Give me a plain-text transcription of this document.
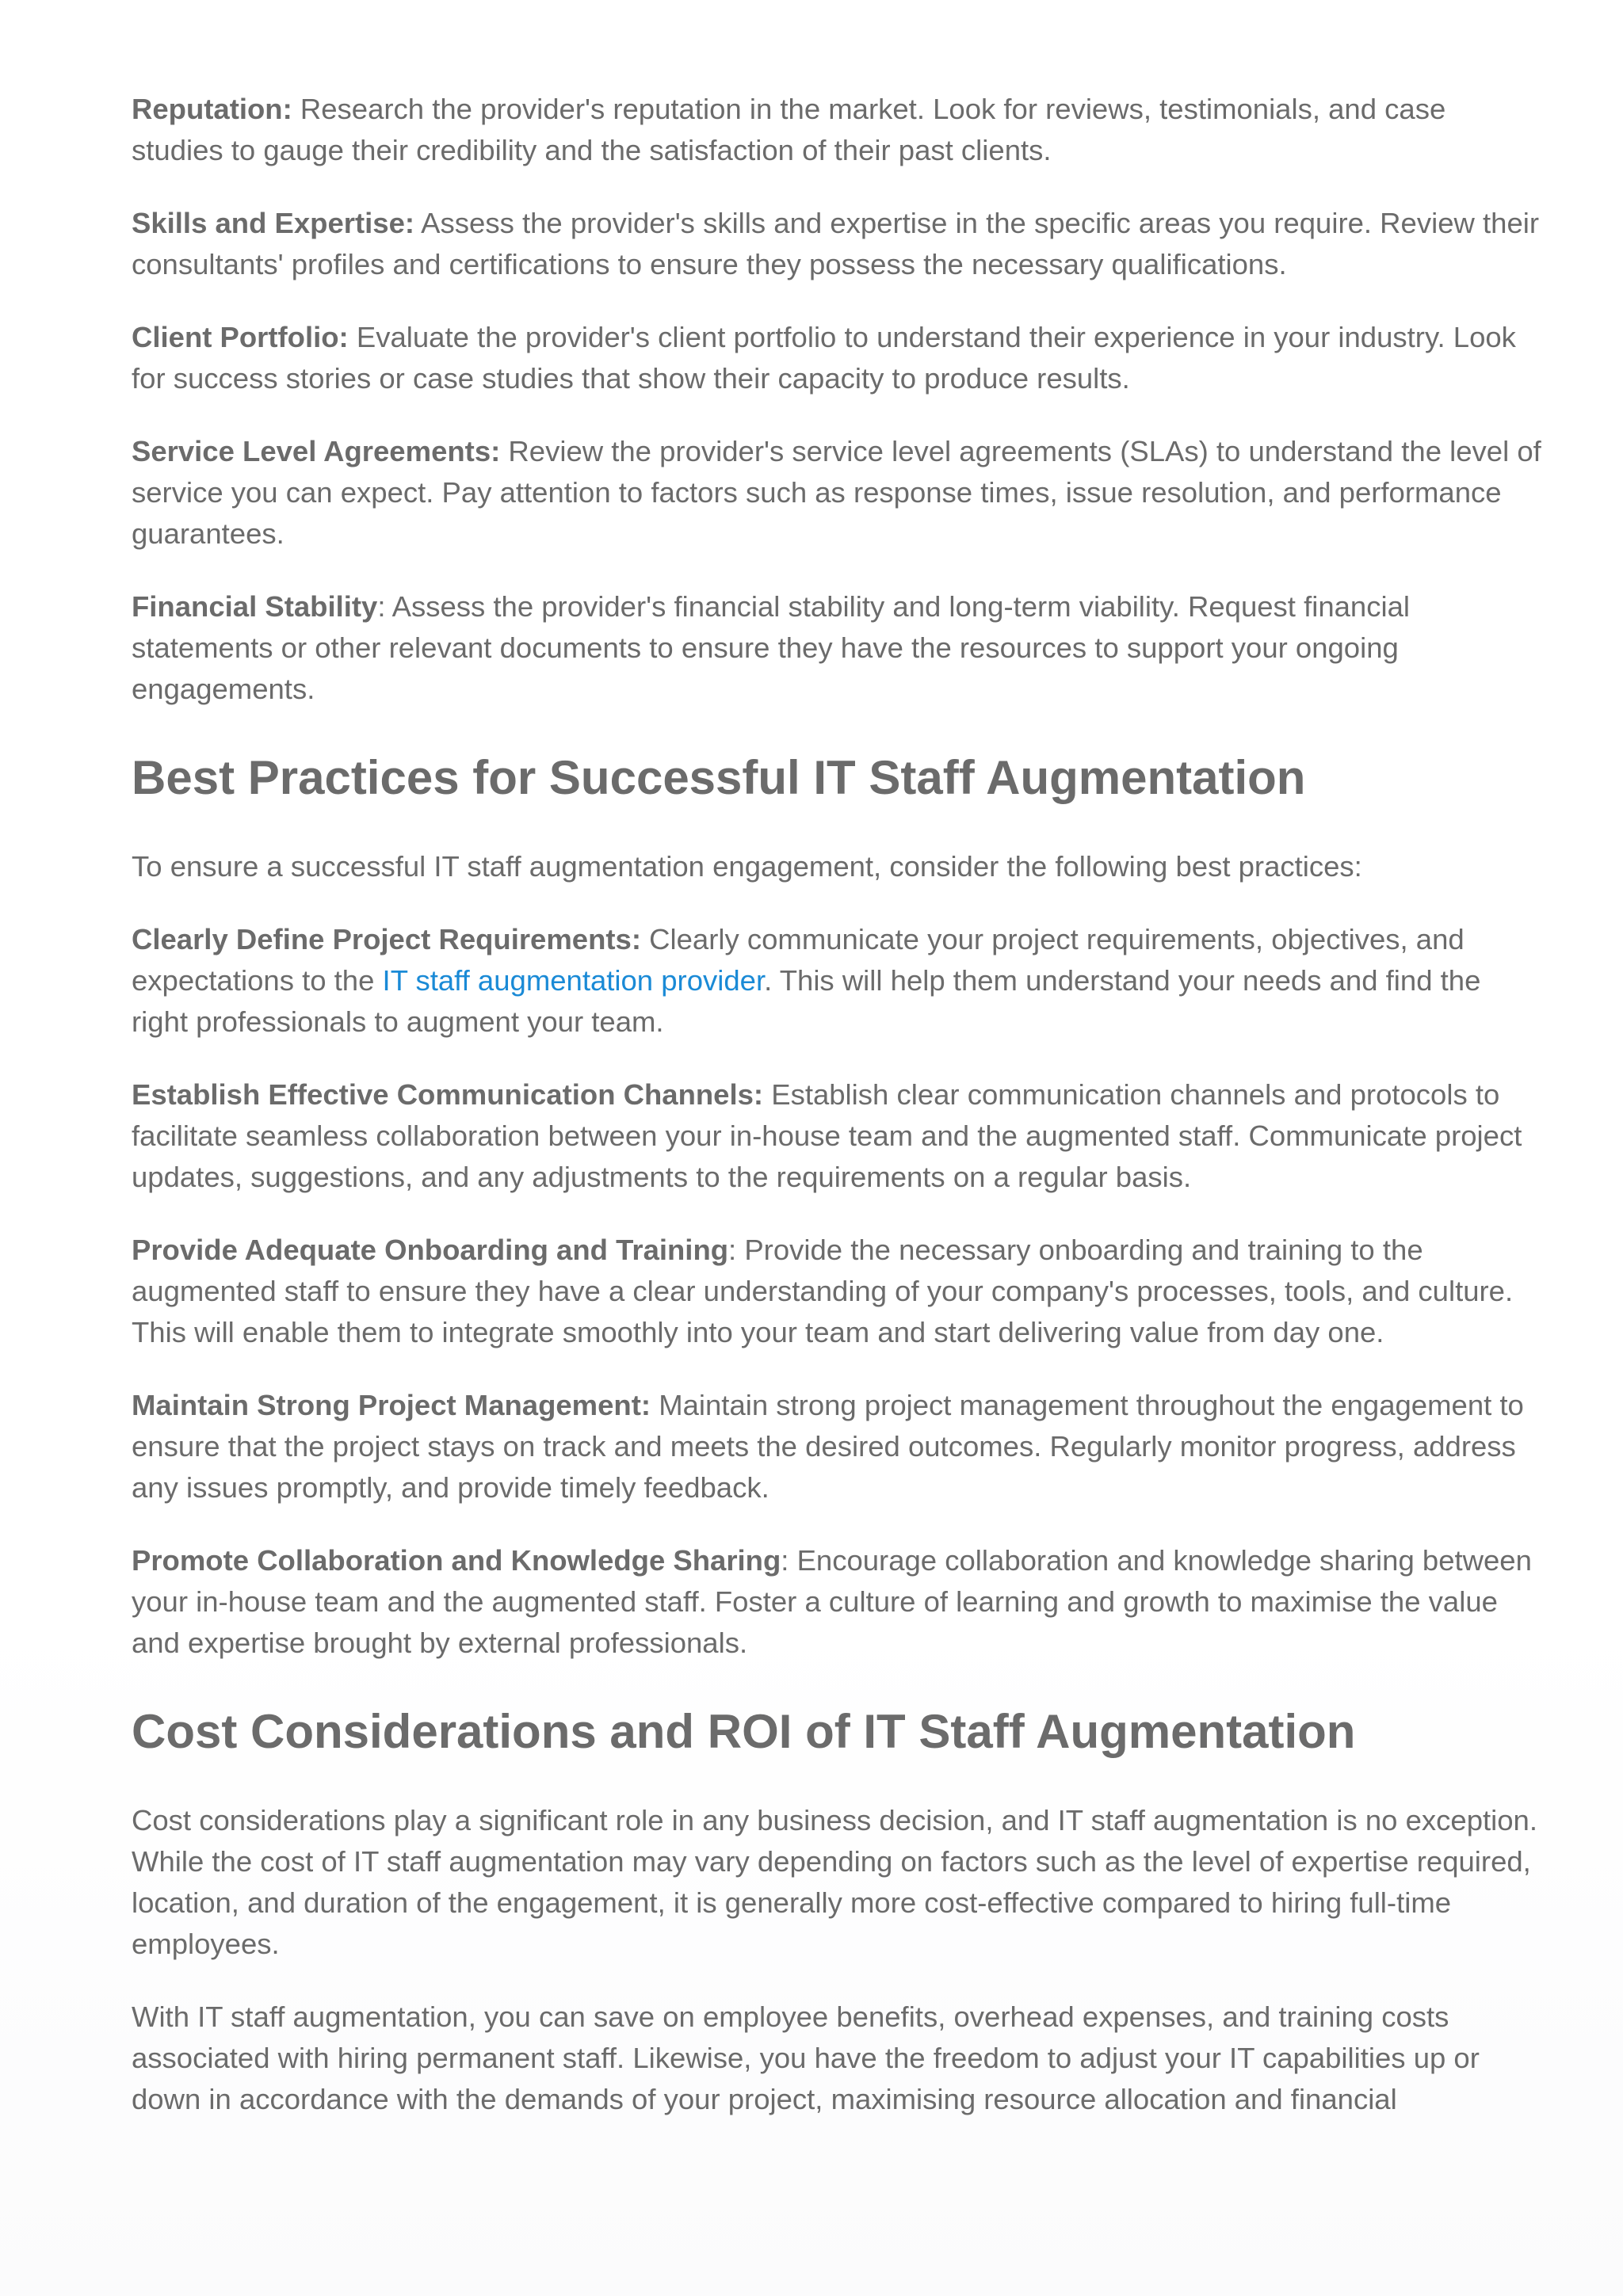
Reputation: Research the provider's reputation in the market. Look for reviews, testimonials, and case studies to gauge their credibility and the satisfaction of their past clients.

Skills and Expertise: Assess the provider's skills and expertise in the specific areas you require. Review their consultants' profiles and certifications to ensure they possess the necessary qualifications.

Client Portfolio: Evaluate the provider's client portfolio to understand their experience in your industry. Look for success stories or case studies that show their capacity to produce results.

Service Level Agreements: Review the provider's service level agreements (SLAs) to understand the level of service you can expect. Pay attention to factors such as response times, issue resolution, and performance guarantees.

Financial Stability: Assess the provider's financial stability and long-term viability. Request financial statements or other relevant documents to ensure they have the resources to support your ongoing engagements.

Best Practices for Successful IT Staff Augmentation

To ensure a successful IT staff augmentation engagement, consider the following best practices:

Clearly Define Project Requirements: Clearly communicate your project requirements, objectives, and expectations to the IT staff augmentation provider. This will help them understand your needs and find the right professionals to augment your team.

Establish Effective Communication Channels: Establish clear communication channels and protocols to facilitate seamless collaboration between your in-house team and the augmented staff. Communicate project updates, suggestions, and any adjustments to the requirements on a regular basis.

Provide Adequate Onboarding and Training: Provide the necessary onboarding and training to the augmented staff to ensure they have a clear understanding of your company's processes, tools, and culture. This will enable them to integrate smoothly into your team and start delivering value from day one.

Maintain Strong Project Management: Maintain strong project management throughout the engagement to ensure that the project stays on track and meets the desired outcomes. Regularly monitor progress, address any issues promptly, and provide timely feedback.

Promote Collaboration and Knowledge Sharing: Encourage collaboration and knowledge sharing between your in-house team and the augmented staff. Foster a culture of learning and growth to maximise the value and expertise brought by external professionals.

Cost Considerations and ROI of IT Staff Augmentation

Cost considerations play a significant role in any business decision, and IT staff augmentation is no exception. While the cost of IT staff augmentation may vary depending on factors such as the level of expertise required, location, and duration of the engagement, it is generally more cost-effective compared to hiring full-time employees.

With IT staff augmentation, you can save on employee benefits, overhead expenses, and training costs associated with hiring permanent staff. Likewise, you have the freedom to adjust your IT capabilities up or down in accordance with the demands of your project, maximising resource allocation and financial
